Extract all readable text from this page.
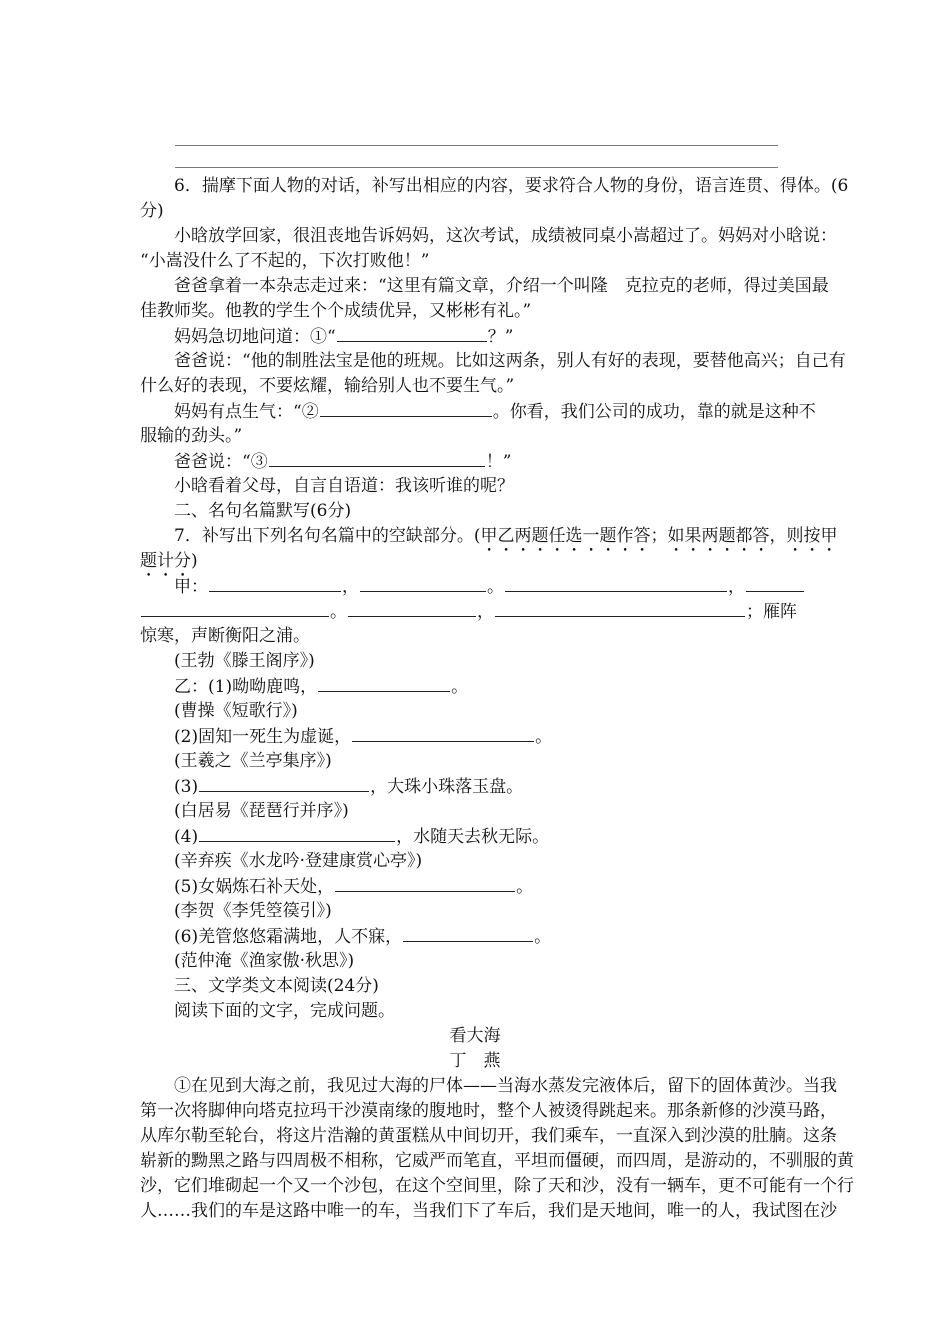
6．揣摩下面人物的对话，补写出相应的内容，要求符合人物的身份，语言连贯、得体。(6
分)
小晗放学回家，很沮丧地告诉妈妈，这次考试，成绩被同桌小嵩超过了。妈妈对小晗说：
“小嵩没什么了不起的，下次打败他！”
爸爸拿着一本杂志走过来：“这里有篇文章，介绍一个叫隆　克拉克的老师，得过美国最
佳教师奖。他教的学生个个成绩优异，又彬彬有礼。”
妈妈急切地问道：①“	？”
爸爸说：“他的制胜法宝是他的班规。比如这两条，别人有好的表现，要替他高兴；自己有
什么好的表现，不要炫耀，输给别人也不要生气。”
妈妈有点生气：“②	。你看，我们公司的成功，靠的就是这种不
服输的劲头。”
爸爸说：“③	！”
小晗看着父母，自言自语道：我该听谁的呢？
二、名句名篇默写(6分)
7．补写出下列名句名篇中的空缺部分。(甲乙两题任选一题作答；如果两题都答，则按甲
题计分)
甲：	，	。	，
。	，	；雁阵
惊寒，声断衡阳之浦。
(王勃《滕王阁序》)
乙：(1)呦呦鹿鸣，	。
(曹操《短歌行》)
(2)固知一死生为虚诞，	。
(王羲之《兰亭集序》)
(3)	，大珠小珠落玉盘。
(白居易《琵琶行并序》)
(4)	，水随天去秋无际。
(辛弃疾《水龙吟·登建康赏心亭》)
(5)女娲炼石补天处，	。
(李贺《李凭箜篌引》)
(6)羌管悠悠霜满地，人不寐，	。
(范仲淹《渔家傲·秋思》)
三、文学类文本阅读(24分)
阅读下面的文字，完成问题。
看大海
丁　燕
①在见到大海之前，我见过大海的尸体——当海水蒸发完液体后，留下的固体黄沙。当我
第一次将脚伸向塔克拉玛干沙漠南缘的腹地时，整个人被烫得跳起来。那条新修的沙漠马路，
从库尔勒至轮台，将这片浩瀚的黄蛋糕从中间切开，我们乘车，一直深入到沙漠的肚腩。这条
崭新的黝黑之路与四周极不相称，它威严而笔直，平坦而僵硬，而四周，是游动的，不驯服的黄
沙，它们堆砌起一个又一个沙包，在这个空间里，除了天和沙，没有一辆车，更不可能有一个行
人……我们的车是这路中唯一的车，当我们下了车后，我们是天地间，唯一的人，我试图在沙
